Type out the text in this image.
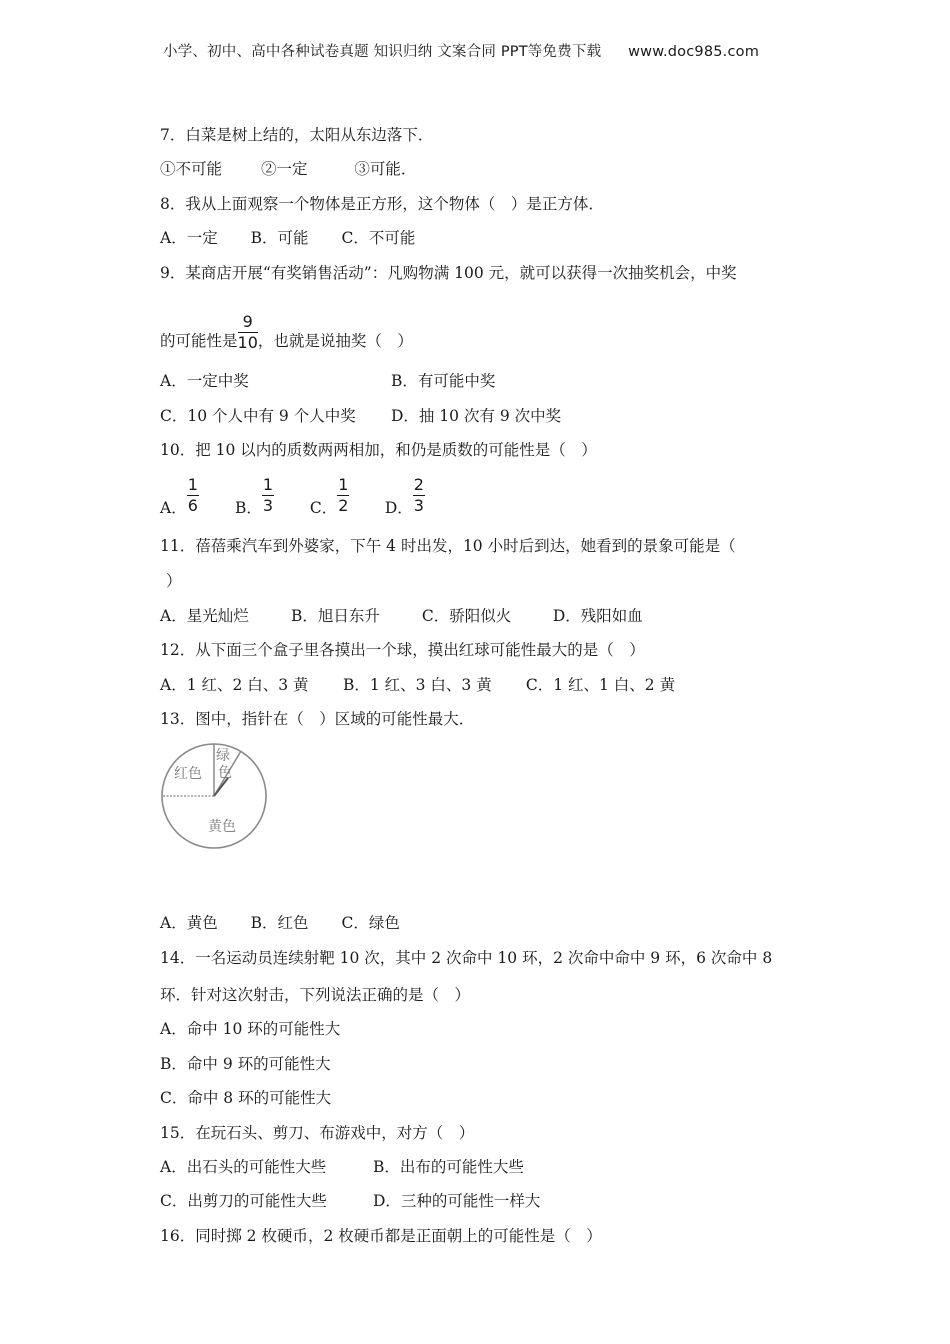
小学、初中、高中各种试卷真题 知识归纳 文案合同 PPT等免费下载 www.doc985.com
7．白菜是树上结的，太阳从东边落下．
①不可能	②一定	③可能．
8．我从上面观察一个物体是正方形，这个物体（　）是正方体．
A．一定 B．可能 C．不可能
9．某商店开展“有奖销售活动”：凡购物满 100 元，就可以获得一次抽奖机会，中奖
的可能性是 $\frac{9}{10}$ ，也就是说抽奖（　）
A．一定中奖	B．有可能中奖
C．10 个人中有 9 个人中奖 D．抽 10 次有 9 次中奖
10．把 10 以内的质数两两相加，和仍是质数的可能性是（　）
A． $\frac{1}{6}$ B． $\frac{1}{3}$ C． $\frac{1}{2}$ D． $\frac{2}{3}$
11．蓓蓓乘汽车到外婆家，下午 4 时出发，10 小时后到达，她看到的景象可能是（
）
A．星光灿烂	B．旭日东升	C．骄阳似火	D．残阳如血
12．从下面三个盒子里各摸出一个球，摸出红球可能性最大的是（　）
A．1 红、2 白、3 黄 B．1 红、3 白、3 黄 C．1 红、1 白、2 黄
13．图中，指针在（　）区域的可能性最大．
绿
色
红色
黄色
A．黄色 B．红色 C．绿色
14．一名运动员连续射靶 10 次，其中 2 次命中 10 环，2 次命中命中 9 环，6 次命中 8
环．针对这次射击，下列说法正确的是（　）
A．命中 10 环的可能性大
B．命中 9 环的可能性大
C．命中 8 环的可能性大
15．在玩石头、剪刀、布游戏中，对方（　）
A．出石头的可能性大些	B．出布的可能性大些
C．出剪刀的可能性大些	D．三种的可能性一样大
16．同时掷 2 枚硬币，2 枚硬币都是正面朝上的可能性是（　）
